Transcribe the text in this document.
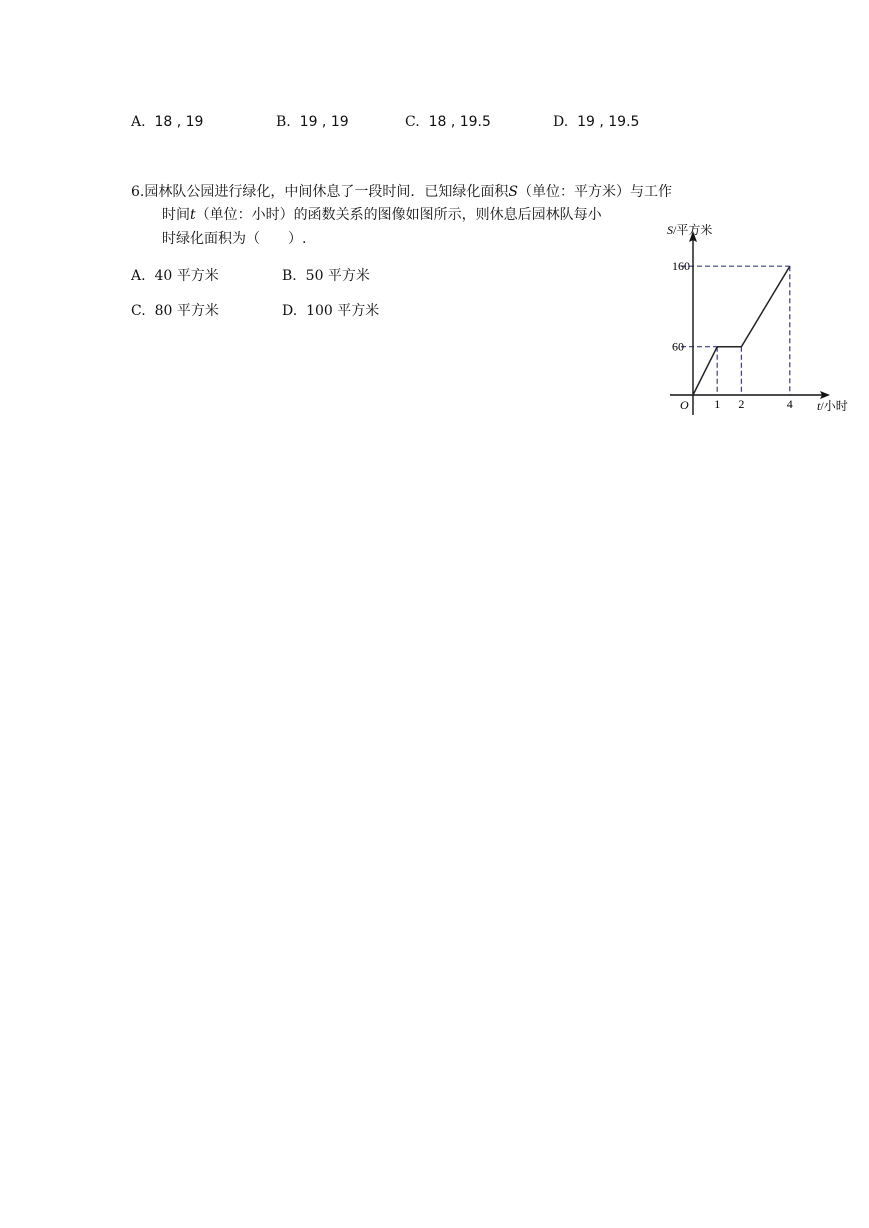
A. 18 , 19	B. 19 , 19	C. 18 , 19.5	D. 19 , 19.5
6.园林队公园进行绿化，中间休息了一段时间．已知绿化面积S（单位：平方米）与工作
时间t（单位：小时）的函数关系的图像如图所示，则休息后园林队每小
时绿化面积为（　　）.
A. 40 平方米	B. 50 平方米
C. 80 平方米	D. 100 平方米
1 2	4
60
160
O
S/平方米
t/小时
